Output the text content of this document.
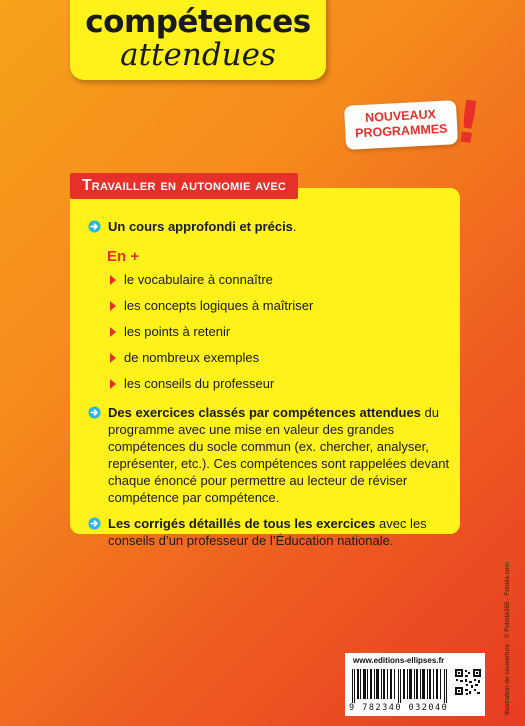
compétences
attendues
NOUVEAUX
PROGRAMMES !
Travailler en autonomie avec
Un cours approfondi et précis.
En +
le vocabulaire à connaître
les concepts logiques à maîtriser
les points à retenir
de nombreux exemples
les conseils du professeur
Des exercices classés par compétences attendues du programme avec une mise en valeur des grandes compétences du socle commun (ex. chercher, analyser, représenter, etc.). Ces compétences sont rappelées devant chaque énoncé pour permettre au lecteur de réviser compétence par compétence.
Les corrigés détaillés de tous les exercices avec les conseils d’un professeur de l’Éducation nationale.
Illustration de couverture : © Fotolia365 - Fotolia.com
www.editions-ellipses.fr
9 782340 032040
